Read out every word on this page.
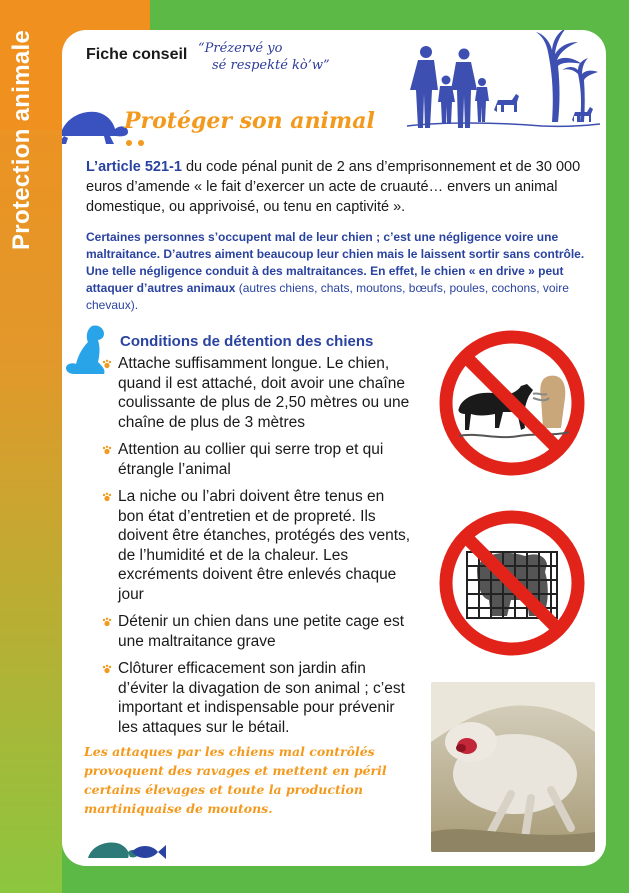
Protection animale	Fiche conseil “Prézervé yo
sé respekté kò’w”
Protéger son animal

L’article 521-1 du code pénal punit de 2 ans d’emprisonnement et de 30 000 euros d’amende « le fait d’exercer un acte de cruauté… envers un animal domestique, ou apprivoisé, ou tenu en captivité ».

Certaines personnes s’occupent mal de leur chien ; c’est une négligence voire une maltraitance. D’autres aiment beaucoup leur chien mais le laissent sortir sans contrôle. Une telle négligence conduit à des maltraitances. En effet, le chien « en drive » peut attaquer d’autres animaux (autres chiens, chats, moutons, bœufs, poules, cochons, voire chevaux).

Conditions de détention des chiens
Attache suffisamment longue. Le chien, quand il est attaché, doit avoir une chaîne coulissante de plus de 2,50 mètres ou une chaîne de plus de 3 mètres
Attention au collier qui serre trop et qui étrangle l’animal
La niche ou l’abri doivent être tenus en bon état d’entretien et de propreté. Ils doivent être étanches, protégés des vents, de l’humidité et de la chaleur. Les excréments doivent être enlevés chaque jour
Détenir un chien dans une petite cage est une maltraitance grave
Clôturer efficacement son jardin afin d’éviter la divagation de son animal ; c’est important et indispensable pour prévenir les attaques sur le bétail.
Les attaques par les chiens mal contrôlés provoquent des ravages et mettent en péril certains élevages et toute la production martiniquaise de moutons.
